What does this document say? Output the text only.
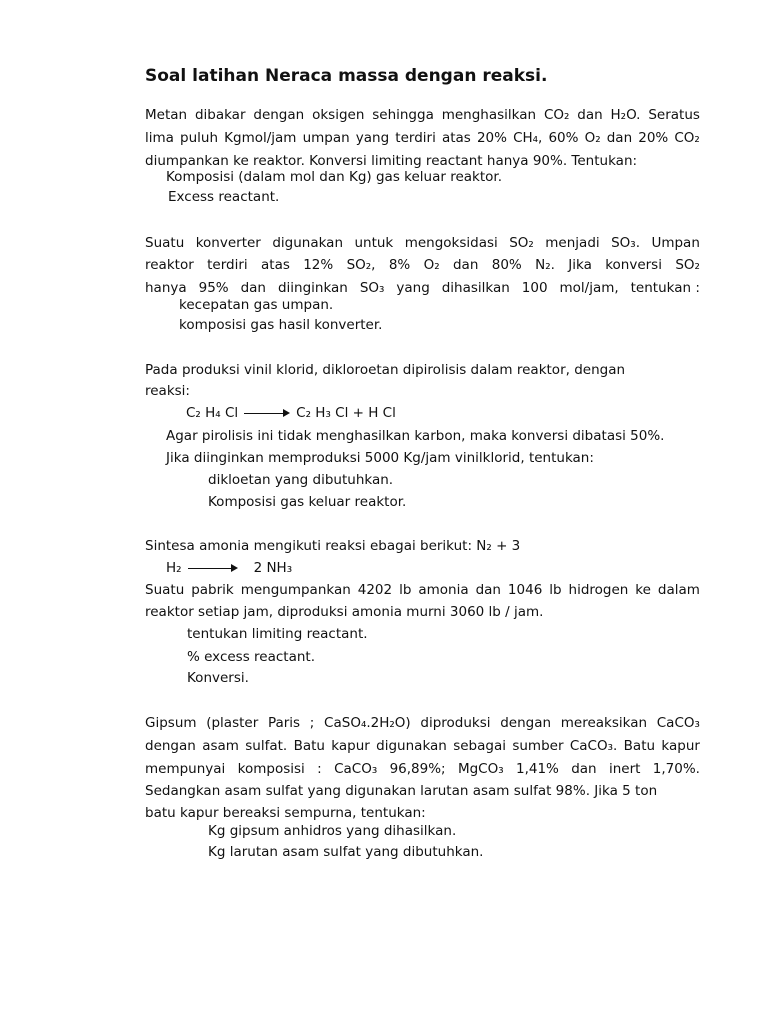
Soal latihan Neraca massa dengan reaksi.
Metan dibakar dengan oksigen sehingga menghasilkan CO₂ dan H₂O. Seratus
lima puluh Kgmol/jam umpan yang terdiri atas 20% CH₄, 60% O₂ dan 20% CO₂
diumpankan ke reaktor. Konversi limiting reactant hanya 90%. Tentukan:
Komposisi (dalam mol dan Kg) gas keluar reaktor.
Excess reactant.
Suatu konverter digunakan untuk mengoksidasi SO₂ menjadi SO₃. Umpan
reaktor terdiri atas 12% SO₂, 8% O₂ dan 80% N₂. Jika konversi SO₂
hanya 95% dan diinginkan SO₃ yang dihasilkan 100 mol/jam, tentukan :
kecepatan gas umpan.
komposisi gas hasil konverter.
Pada produksi vinil klorid, dikloroetan dipirolisis dalam reaktor, dengan
reaksi:
C₂ H₄ Cl	C₂ H₃ Cl + H Cl
Agar pirolisis ini tidak menghasilkan karbon, maka konversi dibatasi 50%.
Jika diinginkan memproduksi 5000 Kg/jam vinilklorid, tentukan:
dikloetan yang dibutuhkan.
Komposisi gas keluar reaktor.
Sintesa amonia mengikuti reaksi ebagai berikut: N₂ + 3
H₂	2 NH₃
Suatu pabrik mengumpankan 4202 lb amonia dan 1046 lb hidrogen ke dalam
reaktor setiap jam, diproduksi amonia murni 3060 lb / jam.
tentukan limiting reactant.
% excess reactant.
Konversi.
Gipsum (plaster Paris ; CaSO₄.2H₂O) diproduksi dengan mereaksikan CaCO₃
dengan asam sulfat. Batu kapur digunakan sebagai sumber CaCO₃. Batu kapur
mempunyai komposisi : CaCO₃ 96,89%; MgCO₃ 1,41% dan inert 1,70%.
Sedangkan asam sulfat yang digunakan larutan asam sulfat 98%. Jika 5 ton
batu kapur bereaksi sempurna, tentukan:
Kg gipsum anhidros yang dihasilkan.
Kg larutan asam sulfat yang dibutuhkan.
